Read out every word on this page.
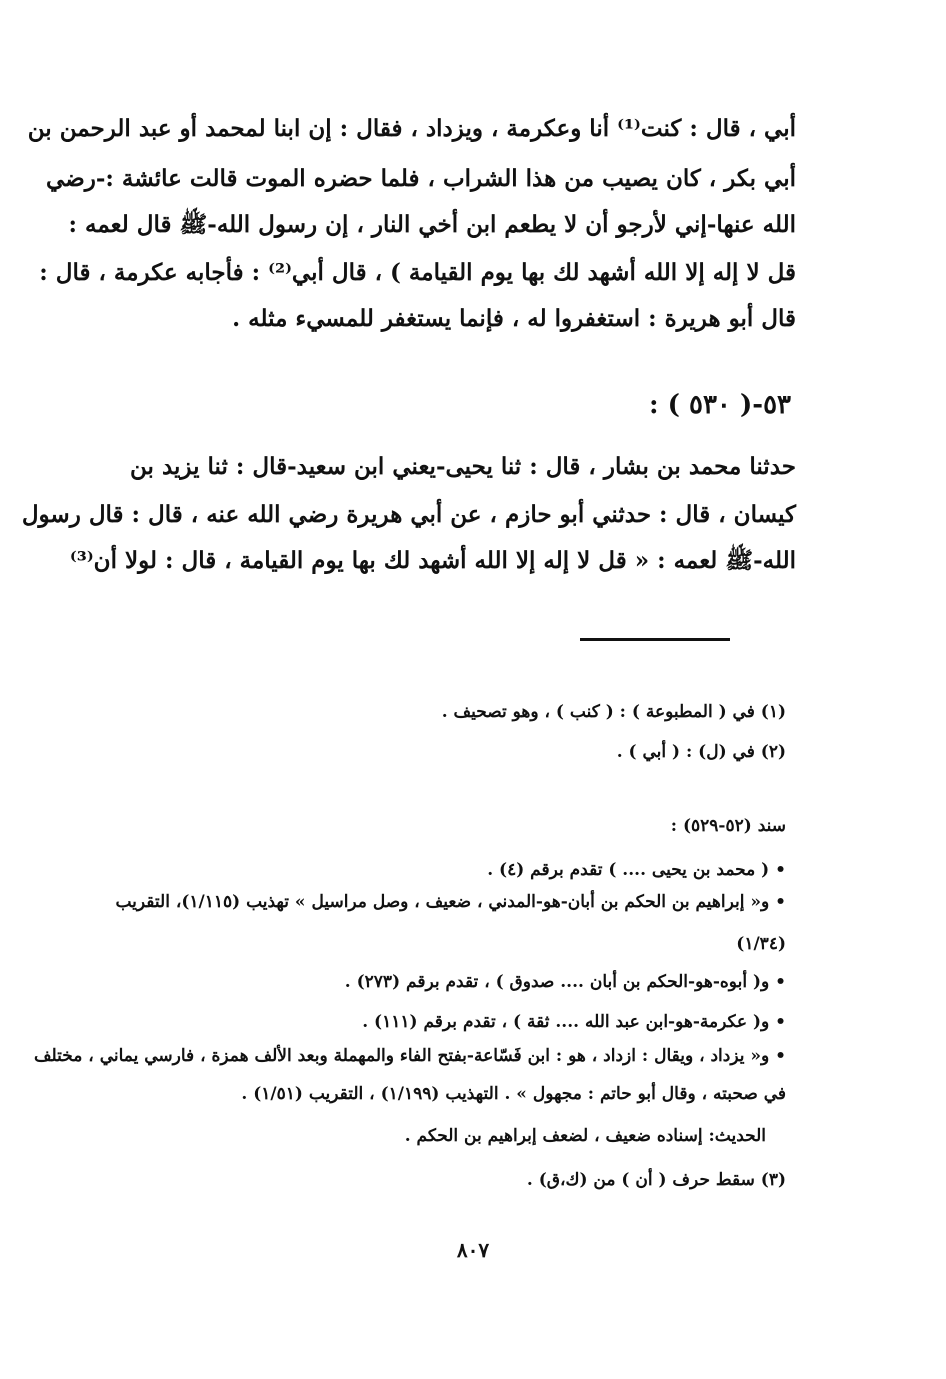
أبي ، قال : كنت⁽¹⁾ أنا وعكرمة ، ويزداد ، فقال : إن ابنا لمحمد أو عبد الرحمن بن
أبي بكر ، كان يصيب من هذا الشراب ، فلما حضره الموت قالت عائشة :-رضي
الله عنها-إني لأرجو أن لا يطعم ابن أخي النار ، إن رسول الله-ﷺ قال لعمه :
قل لا إله إلا الله أشهد لك بها يوم القيامة ) ، قال أبي⁽²⁾ : فأجابه عكرمة ، قال :
قال أبو هريرة : استغفروا له ، فإنما يستغفر للمسيء مثله .
٥٣-( ٥٣٠ ) :
حدثنا محمد بن بشار ، قال : ثنا يحيى-يعني ابن سعيد-قال : ثنا يزيد بن
كيسان ، قال : حدثني أبو حازم ، عن أبي هريرة رضي الله عنه ، قال : قال رسول
الله-ﷺ لعمه : « قل لا إله إلا الله أشهد لك بها يوم القيامة ، قال : لولا أن⁽³⁾
(١) في ( المطبوعة ) : ( كنب ) ، وهو تصحيف .
(٢) في (ل) : ( أبي ) .
سند (٥٢-٥٢٩) :
• ( محمد بن يحيى .... ) تقدم برقم (٤) .
• و« إبراهيم بن الحكم بن أبان-هو-المدني ، ضعيف ، وصل مراسيل » تهذيب (١/١١٥)، التقريب
(١/٣٤)
• و( أبوه-هو-الحكم بن أبان .... صدوق ) ، تقدم برقم (٢٧٣) .
• و( عكرمة-هو-ابن عبد الله .... ثقة ) ، تقدم برقم (١١١) .
• و« يزداد ، ويقال : ازداد ، هو : ابن فَسّاعة-بفتح الفاء والمهملة وبعد الألف همزة ، فارسي يماني ، مختلف
في صحبته ، وقال أبو حاتم : مجهول » . التهذيب (١/١٩٩) ، التقريب (١/٥١) .
الحديث: إسناده ضعيف ، لضعف إبراهيم بن الحكم .
(٣) سقط حرف ( أن ) من (ك،ق) .
٨٠٧
